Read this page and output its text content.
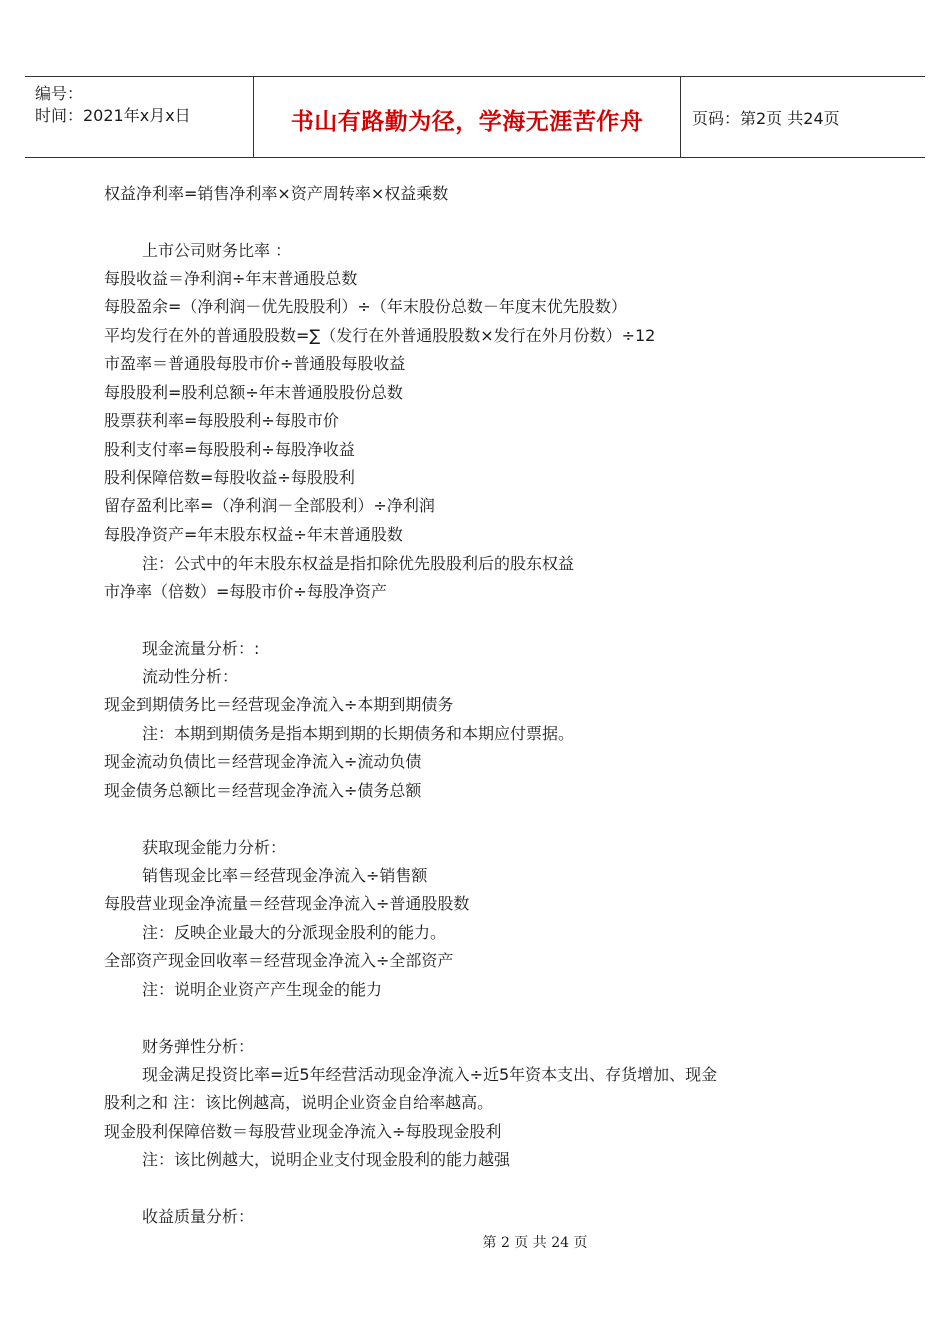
编号：
时间：2021年x月x日	书山有路勤为径，学海无涯苦作舟	页码：第2页 共24页
权益净利率=销售净利率×资产周转率×权益乘数
上市公司财务比率 ：
每股收益＝净利润÷年末普通股总数
每股盈余=（净利润－优先股股利）÷（年末股份总数－年度末优先股数）
平均发行在外的普通股股数=∑（发行在外普通股股数×发行在外月份数）÷12
市盈率＝普通股每股市价÷普通股每股收益
每股股利=股利总额÷年末普通股股份总数
股票获利率=每股股利÷每股市价
股利支付率=每股股利÷每股净收益
股利保障倍数=每股收益÷每股股利
留存盈利比率=（净利润－全部股利）÷净利润
每股净资产=年末股东权益÷年末普通股数
注：公式中的年末股东权益是指扣除优先股股利后的股东权益
市净率（倍数）=每股市价÷每股净资产
现金流量分析：:
流动性分析：
现金到期债务比＝经营现金净流入÷本期到期债务
注：本期到期债务是指本期到期的长期债务和本期应付票据。
现金流动负债比＝经营现金净流入÷流动负债
现金债务总额比＝经营现金净流入÷债务总额
获取现金能力分析：
销售现金比率＝经营现金净流入÷销售额
每股营业现金净流量＝经营现金净流入÷普通股股数
注：反映企业最大的分派现金股利的能力。
全部资产现金回收率＝经营现金净流入÷全部资产
注：说明企业资产产生现金的能力
财务弹性分析：
现金满足投资比率=近5年经营活动现金净流入÷近5年资本支出、存货增加、现金
股利之和 注：该比例越高，说明企业资金自给率越高。
现金股利保障倍数＝每股营业现金净流入÷每股现金股利
注：该比例越大，说明企业支付现金股利的能力越强
收益质量分析：
第 2 页 共 24 页
